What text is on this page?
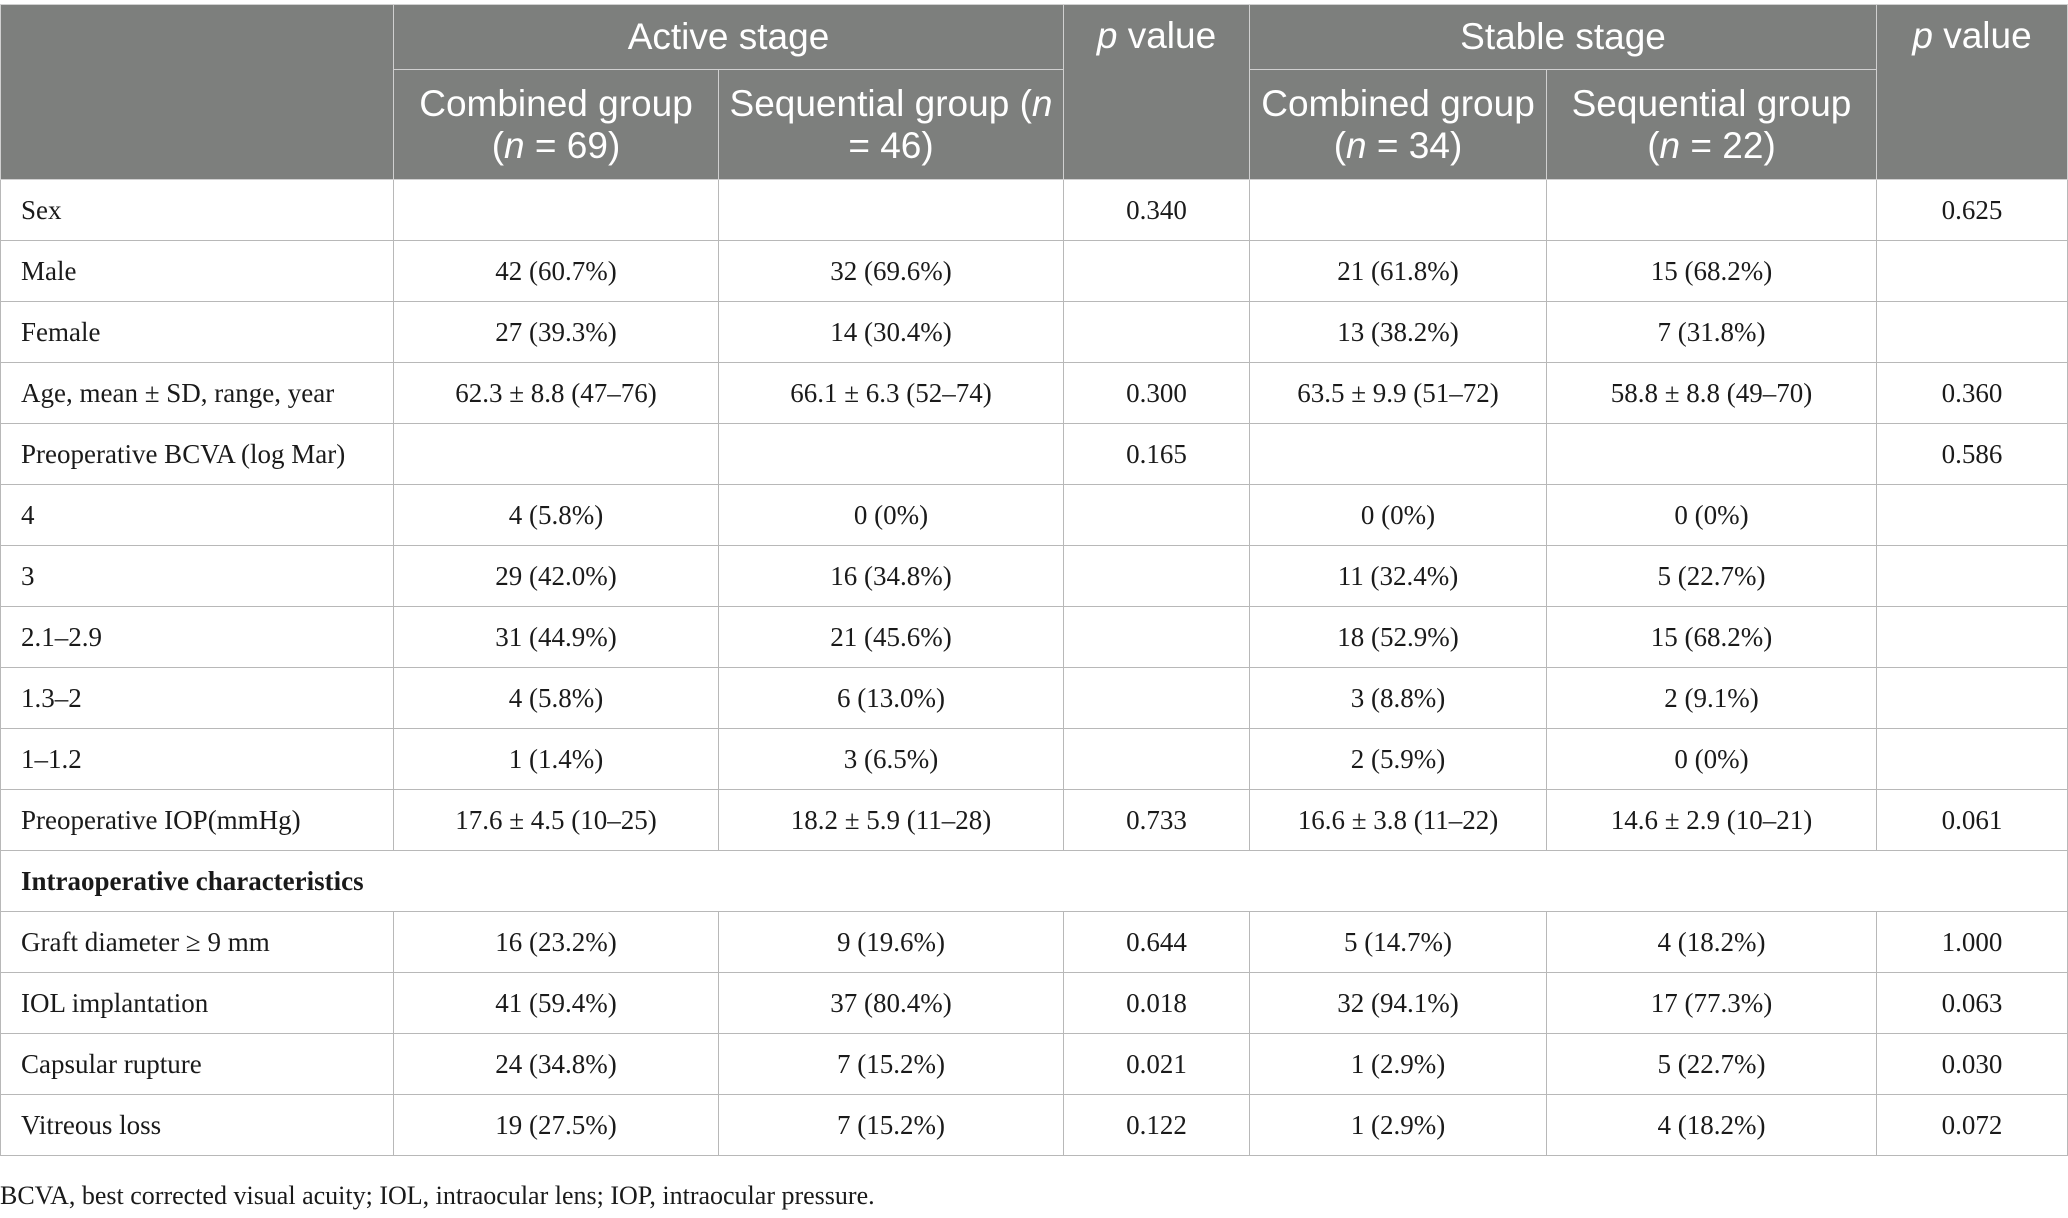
	Active stage		p value	Stable stage		p value
	Combined group (n = 69)	Sequential group (n = 46)		Combined group (n = 34)	Sequential group (n = 22)	
Sex			0.340			0.625
Male	42 (60.7%)	32 (69.6%)		21 (61.8%)	15 (68.2%)	
Female	27 (39.3%)	14 (30.4%)		13 (38.2%)	7 (31.8%)	
Age, mean ± SD, range, year	62.3 ± 8.8 (47–76)	66.1 ± 6.3 (52–74)	0.300	63.5 ± 9.9 (51–72)	58.8 ± 8.8 (49–70)	0.360
Preoperative BCVA (log Mar)			0.165			0.586
4	4 (5.8%)	0 (0%)		0 (0%)	0 (0%)	
3	29 (42.0%)	16 (34.8%)		11 (32.4%)	5 (22.7%)	
2.1–2.9	31 (44.9%)	21 (45.6%)		18 (52.9%)	15 (68.2%)	
1.3–2	4 (5.8%)	6 (13.0%)		3 (8.8%)	2 (9.1%)	
1–1.2	1 (1.4%)	3 (6.5%)		2 (5.9%)	0 (0%)	
Preoperative IOP(mmHg)	17.6 ± 4.5 (10–25)	18.2 ± 5.9 (11–28)	0.733	16.6 ± 3.8 (11–22)	14.6 ± 2.9 (10–21)	0.061
Intraoperative characteristics						
Graft diameter ≥ 9 mm	16 (23.2%)	9 (19.6%)	0.644	5 (14.7%)	4 (18.2%)	1.000
IOL implantation	41 (59.4%)	37 (80.4%)	0.018	32 (94.1%)	17 (77.3%)	0.063
Capsular rupture	24 (34.8%)	7 (15.2%)	0.021	1 (2.9%)	5 (22.7%)	0.030
Vitreous loss	19 (27.5%)	7 (15.2%)	0.122	1 (2.9%)	4 (18.2%)	0.072
BCVA, best corrected visual acuity; IOL, intraocular lens; IOP, intraocular pressure.
